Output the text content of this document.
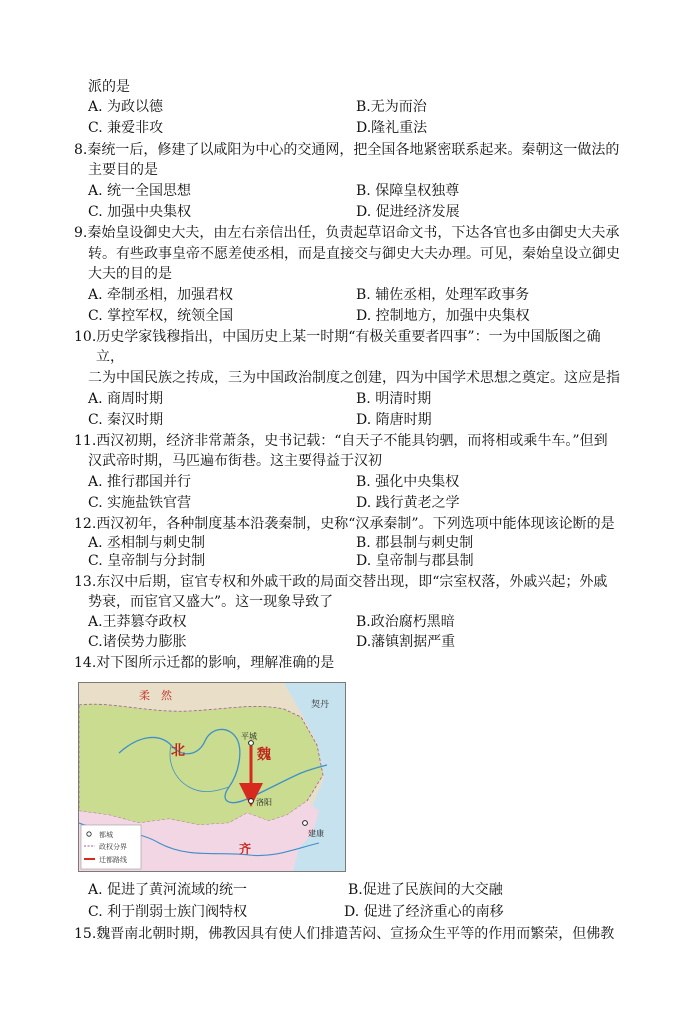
派的是
A. 为政以德	B.无为而治
C. 兼爱非攻	D.隆礼重法
8.秦统一后，修建了以咸阳为中心的交通网，把全国各地紧密联系起来。秦朝这一做法的
主要目的是
A. 统一全国思想	B. 保障皇权独尊
C. 加强中央集权	D. 促进经济发展
9.秦始皇设御史大夫，由左右亲信出任，负责起草诏命文书，下达各官也多由御史大夫承
转。有些政事皇帝不愿差使丞相，而是直接交与御史大夫办理。可见，秦始皇设立御史
大夫的目的是
A. 牵制丞相，加强君权	B. 辅佐丞相，处理军政事务
C. 掌控军权，统领全国	D. 控制地方，加强中央集权
10.历史学家钱穆指出，中国历史上某一时期“有极关重要者四事”：一为中国版图之确
立，
二为中国民族之抟成，三为中国政治制度之创建，四为中国学术思想之奠定。这应是指
A. 商周时期	B. 明清时期
C. 秦汉时期	D. 隋唐时期
11.西汉初期，经济非常萧条，史书记载：“自天子不能具钧驷，而将相或乘牛车。”但到
汉武帝时期，马匹遍布街巷。这主要得益于汉初
A. 推行郡国并行	B. 强化中央集权
C. 实施盐铁官营	D. 践行黄老之学
12.西汉初年，各种制度基本沿袭秦制，史称“汉承秦制”。下列选项中能体现该论断的是
A. 丞相制与刺史制	B. 郡县制与刺史制
C. 皇帝制与分封制	D. 皇帝制与郡县制
13.东汉中后期，宦官专权和外戚干政的局面交替出现，即“宗室权落，外戚兴起；外戚
势衰，而宦官又盛大”。这一现象导致了
A.王莽篡夺政权	B.政治腐朽黑暗
C.诸侯势力膨胀	D.藩镇割据严重
14.对下图所示迁都的影响，理解准确的是
柔　然
契丹
北	魏
平城
洛阳
建康
齐
都城
政权分界
迁都路线
A. 促进了黄河流域的统一	B.促进了民族间的大交融
C. 利于削弱士族门阀特权	D. 促进了经济重心的南移
15.魏晋南北朝时期，佛教因具有使人们排遣苦闷、宣扬众生平等的作用而繁荣，但佛教
